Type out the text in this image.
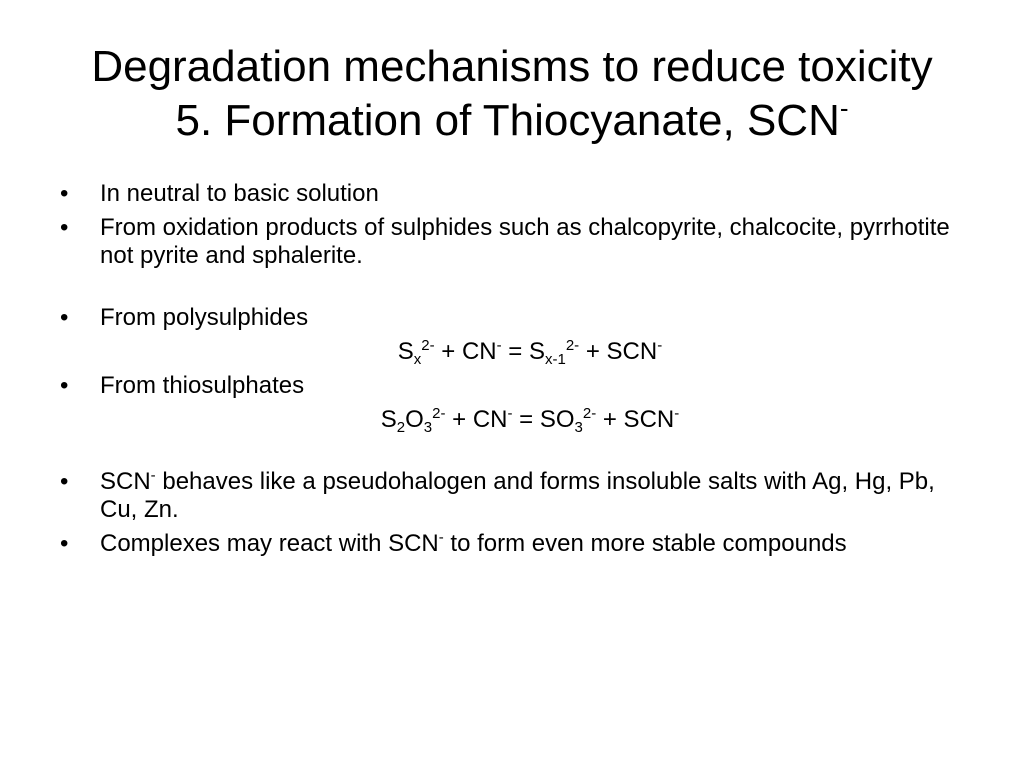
Degradation mechanisms to reduce toxicity
5. Formation of Thiocyanate, SCN-
•	In neutral to basic solution
•	From oxidation products of sulphides such as chalcopyrite, chalcocite, pyrrhotite not pyrite and sphalerite.
•	From polysulphides
$S_x^{2-} + CN^- = S_{x-1}^{2-} + SCN^-$
•	From thiosulphates
$S_2O_3^{2-} + CN^- = SO_3^{2-} + SCN^-$
•	SCN- behaves like a pseudohalogen and forms insoluble salts with Ag, Hg, Pb, Cu, Zn.
•	Complexes may react with SCN- to form even more stable compounds
